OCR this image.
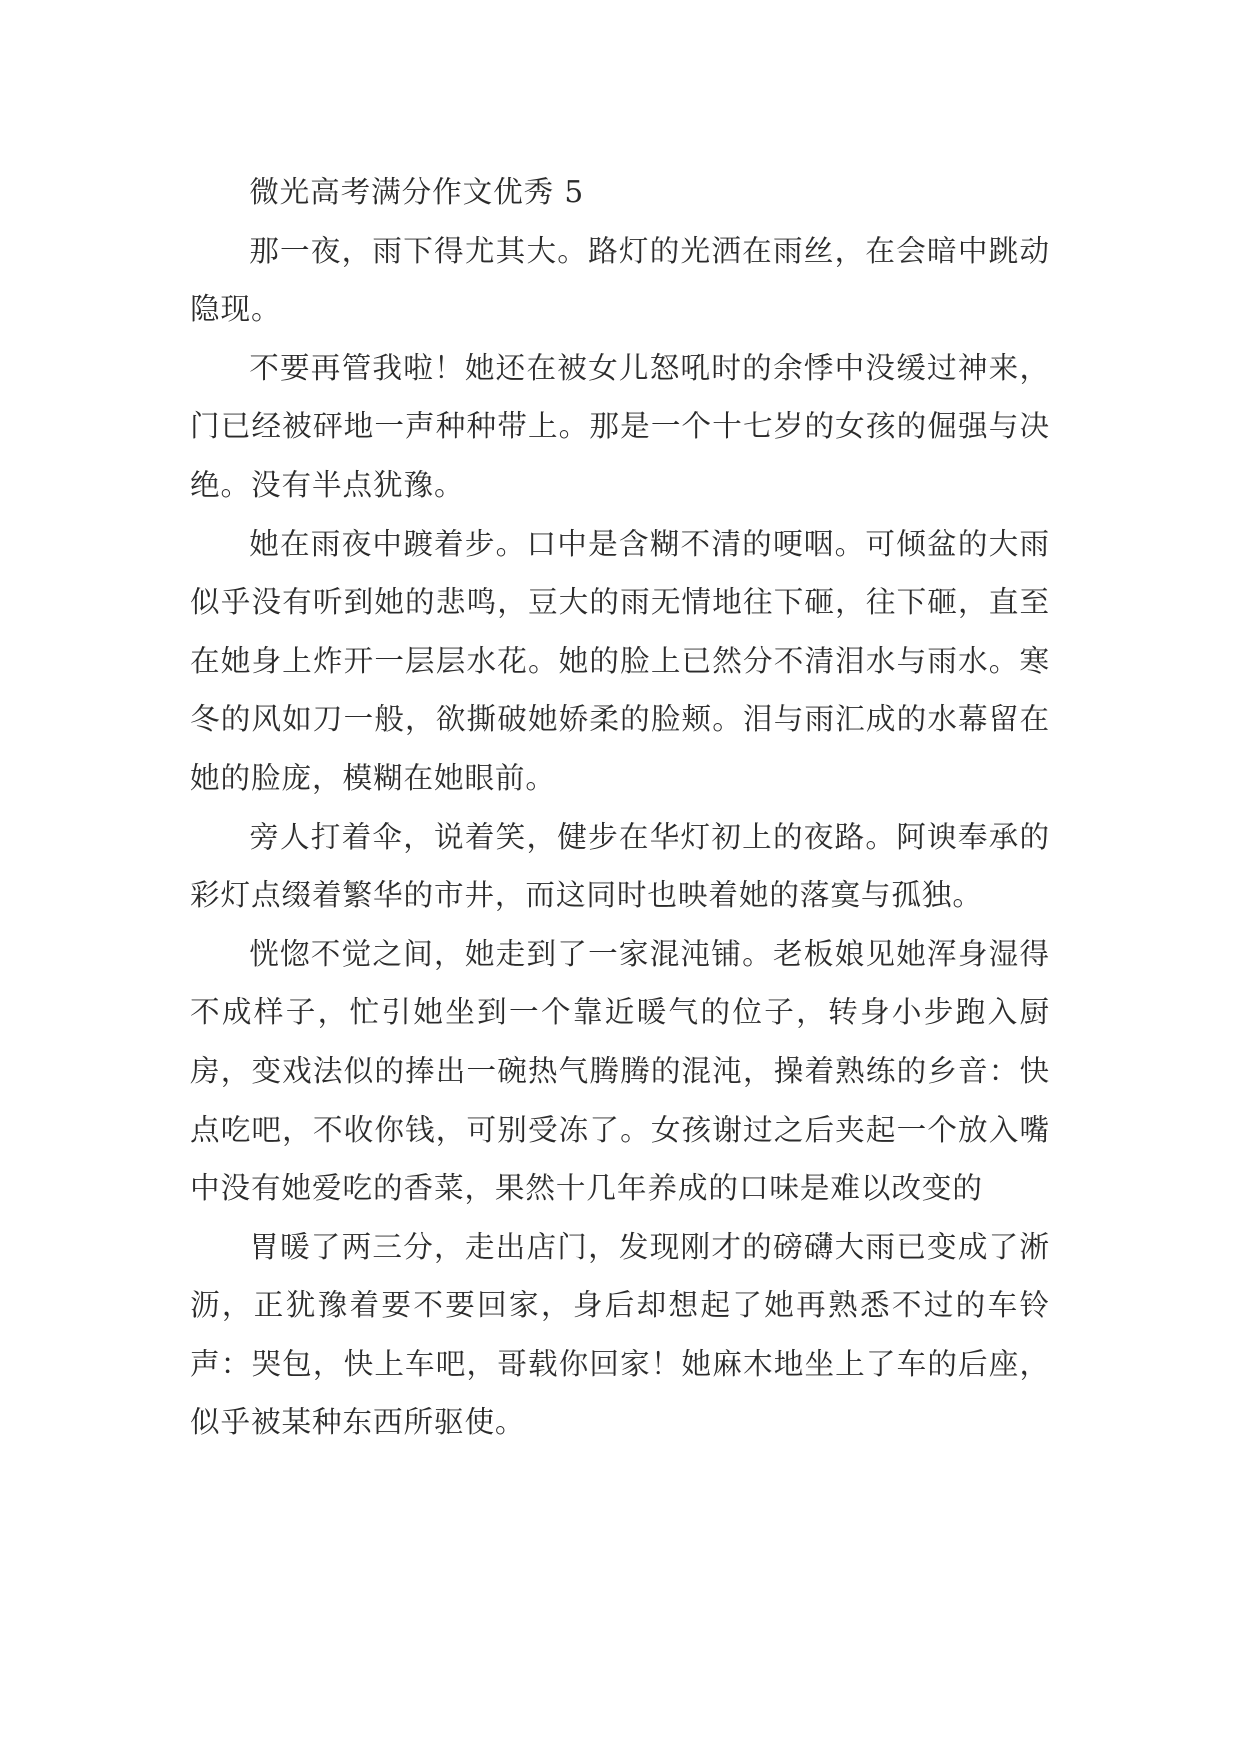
微光高考满分作文优秀 5

那一夜，雨下得尤其大。路灯的光洒在雨丝，在会暗中跳动隐现。

不要再管我啦！她还在被女儿怒吼时的余悸中没缓过神来，门已经被砰地一声种种带上。那是一个十七岁的女孩的倔强与决绝。没有半点犹豫。

她在雨夜中踱着步。口中是含糊不清的哽咽。可倾盆的大雨似乎没有听到她的悲鸣，豆大的雨无情地往下砸，往下砸，直至在她身上炸开一层层水花。她的脸上已然分不清泪水与雨水。寒冬的风如刀一般，欲撕破她娇柔的脸颊。泪与雨汇成的水幕留在她的脸庞，模糊在她眼前。

旁人打着伞，说着笑，健步在华灯初上的夜路。阿谀奉承的彩灯点缀着繁华的市井，而这同时也映着她的落寞与孤独。

恍惚不觉之间，她走到了一家混沌铺。老板娘见她浑身湿得不成样子，忙引她坐到一个靠近暖气的位子，转身小步跑入厨房，变戏法似的捧出一碗热气腾腾的混沌，操着熟练的乡音：快点吃吧，不收你钱，可别受冻了。女孩谢过之后夹起一个放入嘴中没有她爱吃的香菜，果然十几年养成的口味是难以改变的

胃暖了两三分，走出店门，发现刚才的磅礴大雨已变成了淅沥，正犹豫着要不要回家，身后却想起了她再熟悉不过的车铃声：哭包，快上车吧，哥载你回家！她麻木地坐上了车的后座，似乎被某种东西所驱使。
